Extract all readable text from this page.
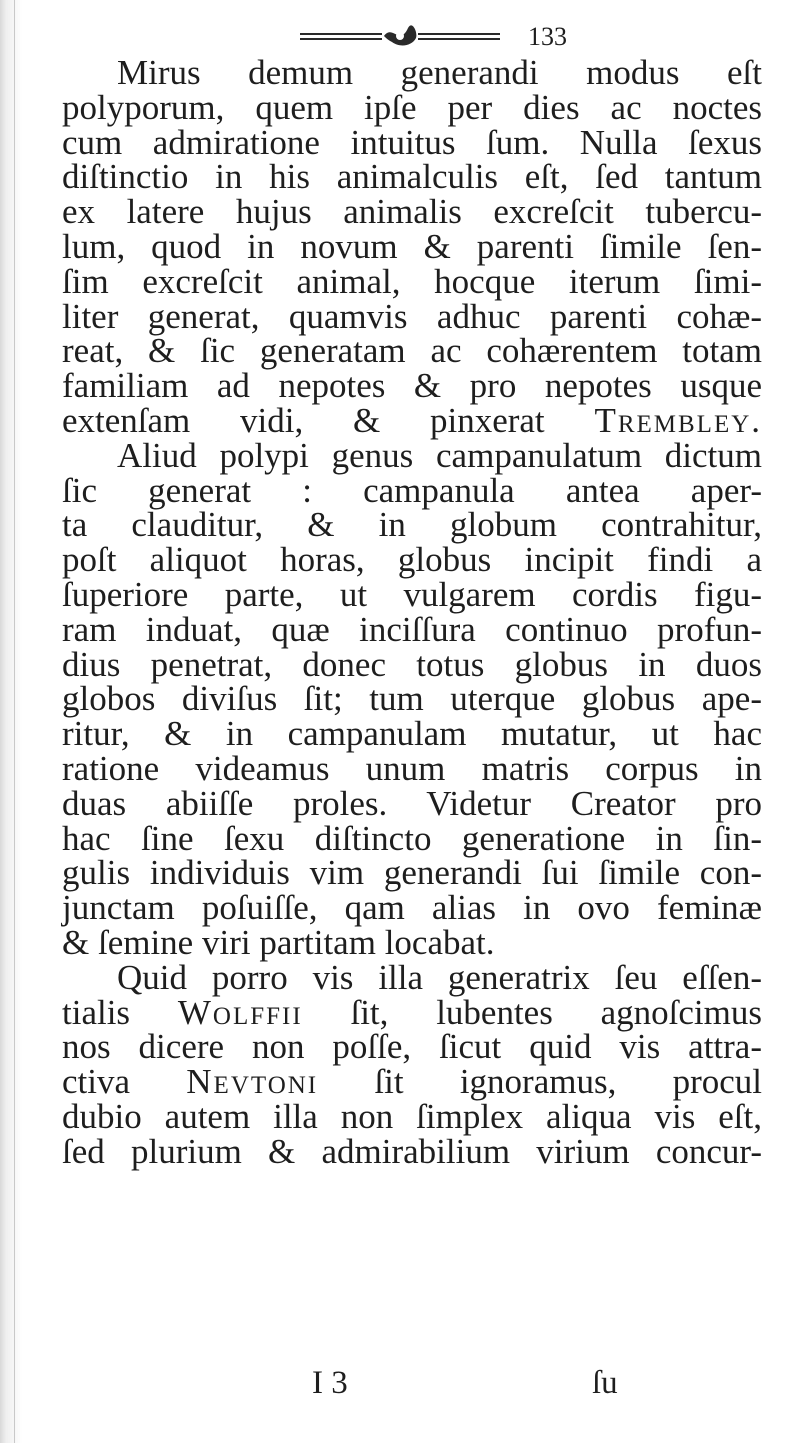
133
Mirus demum generandi modus eſt
polyporum, quem ipſe per dies ac noctes
cum admiratione intuitus ſum. Nulla ſexus
diſtinctio in his animalculis eſt, ſed tantum
ex latere hujus animalis excreſcit tubercu-
lum, quod in novum & parenti ſimile ſen-
ſim excreſcit animal, hocque iterum ſimi-
liter generat, quamvis adhuc parenti cohæ-
reat, & ſic generatam ac cohærentem totam
familiam ad nepotes & pro nepotes usque
extenſam vidi, & pinxerat Trembley.
Aliud polypi genus campanulatum dictum
ſic generat : campanula antea aper-
ta clauditur, & in globum contrahitur,
poſt aliquot horas, globus incipit findi a
ſuperiore parte, ut vulgarem cordis figu-
ram induat, quæ inciſſura continuo profun-
dius penetrat, donec totus globus in duos
globos diviſus ſit; tum uterque globus ape-
ritur, & in campanulam mutatur, ut hac
ratione videamus unum matris corpus in
duas abiiſſe proles. Videtur Creator pro
hac ſine ſexu diſtincto generatione in ſin-
gulis individuis vim generandi ſui ſimile con-
junctam poſuiſſe, qam alias in ovo feminæ
& ſemine viri partitam locabat.
Quid porro vis illa generatrix ſeu eſſen-
tialis Wolffii ſit, lubentes agnoſcimus
nos dicere non poſſe, ſicut quid vis attra-
ctiva Nevtoni ſit ignoramus, procul
dubio autem illa non ſimplex aliqua vis eſt,
ſed plurium & admirabilium virium concur-
I 3	ſu
